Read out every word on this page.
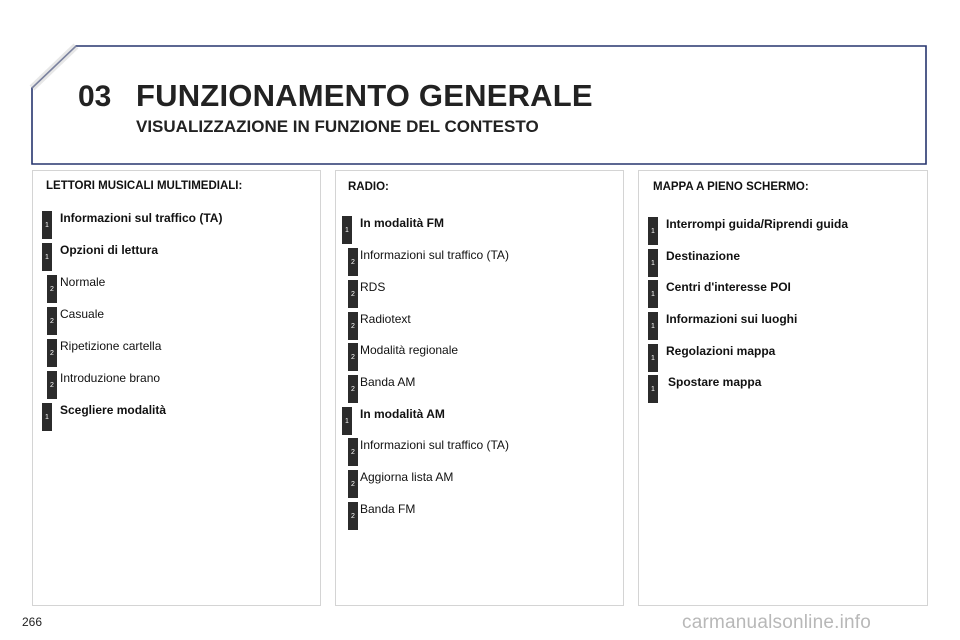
03 FUNZIONAMENTO GENERALE
VISUALIZZAZIONE IN FUNZIONE DEL CONTESTO
LETTORI MUSICALI MULTIMEDIALI:
1 Informazioni sul traffico (TA)
1 Opzioni di lettura
2 Normale
2 Casuale
2 Ripetizione cartella
2 Introduzione brano
1 Scegliere modalità
RADIO:
1 In modalità FM
2 Informazioni sul traffico (TA)
2 RDS
2 Radiotext
2 Modalità regionale
2 Banda AM
1 In modalità AM
2 Informazioni sul traffico (TA)
2 Aggiorna lista AM
2 Banda FM
MAPPA A PIENO SCHERMO:
1 Interrompi guida/Riprendi guida
1 Destinazione
1 Centri d'interesse POI
1 Informazioni sui luoghi
1 Regolazioni mappa
1 Spostare mappa
266	carmanualsonline.info
